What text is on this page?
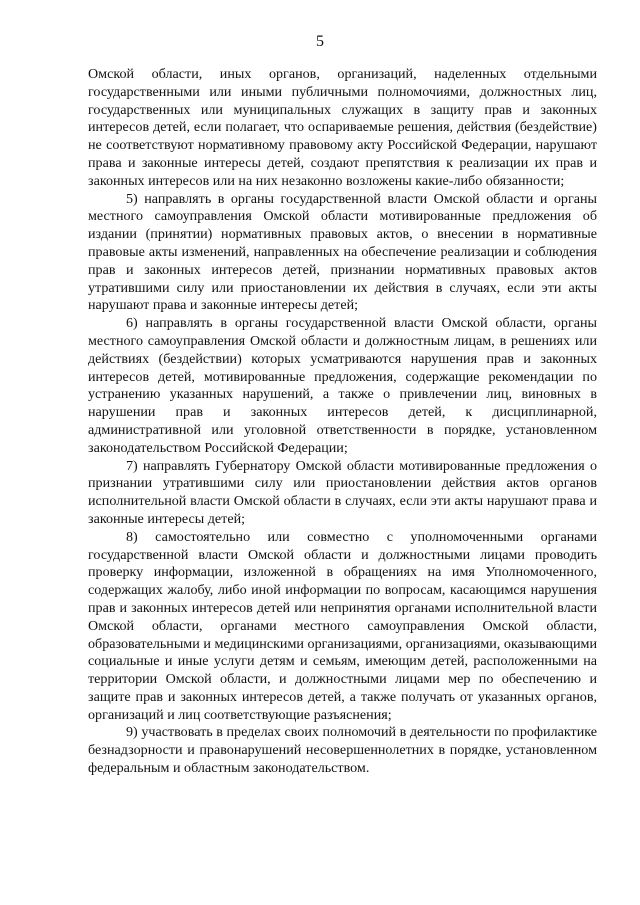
5

Омской области, иных органов, организаций, наделенных отдельными государственными или иными публичными полномочиями, должностных лиц, государственных или муниципальных служащих в защиту прав и законных интересов детей, если полагает, что оспариваемые решения, действия (бездействие) не соответствуют нормативному правовому акту Российской Федерации, нарушают права и законные интересы детей, создают препятствия к реализации их прав и законных интересов или на них незаконно возложены какие-либо обязанности;

5) направлять в органы государственной власти Омской области и органы местного самоуправления Омской области мотивированные предложения об издании (принятии) нормативных правовых актов, о внесении в нормативные правовые акты изменений, направленных на обеспечение реализации и соблюдения прав и законных интересов детей, признании нормативных правовых актов утратившими силу или приостановлении их действия в случаях, если эти акты нарушают права и законные интересы детей;

6) направлять в органы государственной власти Омской области, органы местного самоуправления Омской области и должностным лицам, в решениях или действиях (бездействии) которых усматриваются нарушения прав и законных интересов детей, мотивированные предложения, содержащие рекомендации по устранению указанных нарушений, а также о привлечении лиц, виновных в нарушении прав и законных интересов детей, к дисциплинарной, административной или уголовной ответственности в порядке, установленном законодательством Российской Федерации;

7) направлять Губернатору Омской области мотивированные предложения о признании утратившими силу или приостановлении действия актов органов исполнительной власти Омской области в случаях, если эти акты нарушают права и законные интересы детей;

8) самостоятельно или совместно с уполномоченными органами государственной власти Омской области и должностными лицами проводить проверку информации, изложенной в обращениях на имя Уполномоченного, содержащих жалобу, либо иной информации по вопросам, касающимся нарушения прав и законных интересов детей или непринятия органами исполнительной власти Омской области, органами местного самоуправления Омской области, образовательными и медицинскими организациями, организациями, оказывающими социальные и иные услуги детям и семьям, имеющим детей, расположенными на территории Омской области, и должностными лицами мер по обеспечению и защите прав и законных интересов детей, а также получать от указанных органов, организаций и лиц соответствующие разъяснения;

9) участвовать в пределах своих полномочий в деятельности по профилактике безнадзорности и правонарушений несовершеннолетних в порядке, установленном федеральным и областным законодательством.
